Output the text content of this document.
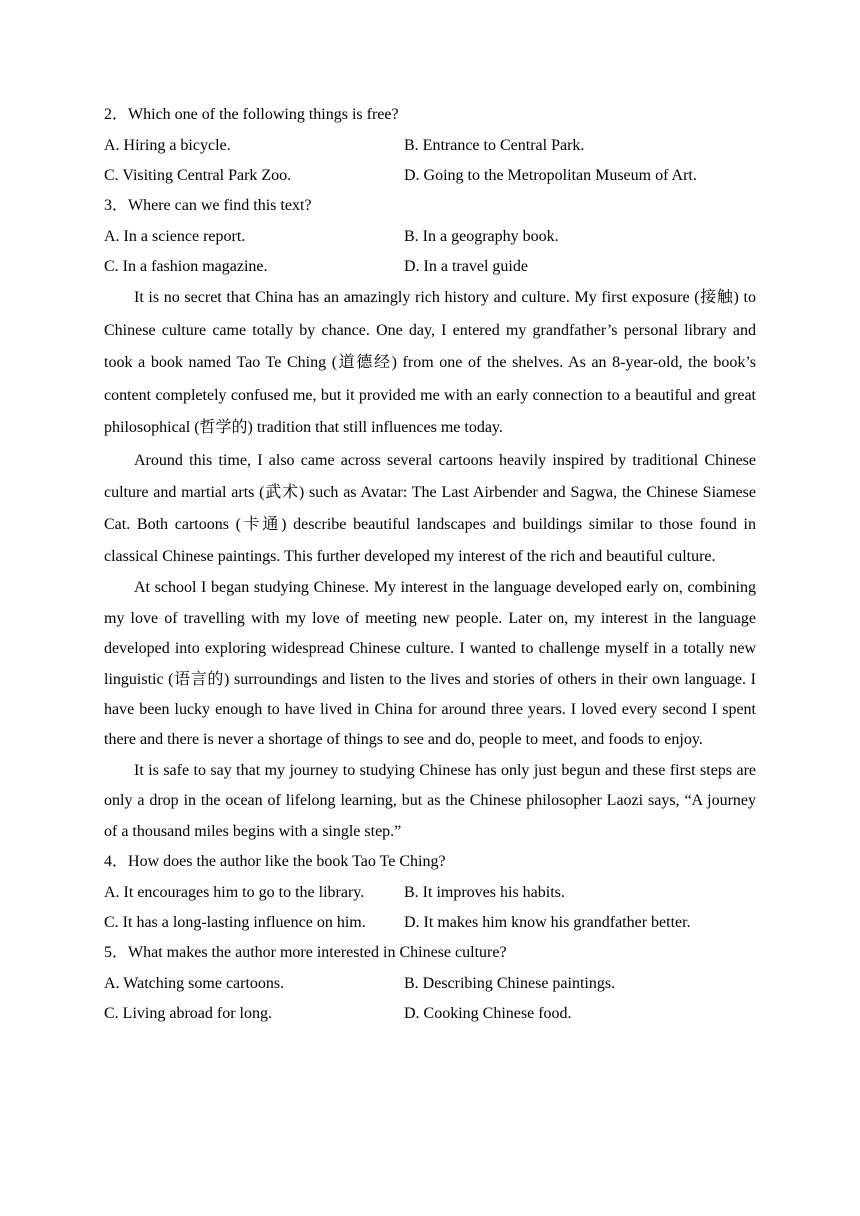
2．Which one of the following things is free?

A. Hiring a bicycle.	B. Entrance to Central Park.
C. Visiting Central Park Zoo.	D. Going to the Metropolitan Museum of Art.

3．Where can we find this text?

A. In a science report.	B. In a geography book.
C. In a fashion magazine.	D. In a travel guide

It is no secret that China has an amazingly rich history and culture. My first exposure (接触) to Chinese culture came totally by chance. One day, I entered my grandfather’s personal library and took a book named Tao Te Ching (道德经) from one of the shelves. As an 8-year-old, the book’s content completely confused me, but it provided me with an early connection to a beautiful and great philosophical (哲学的) tradition that still influences me today.

Around this time, I also came across several cartoons heavily inspired by traditional Chinese culture and martial arts (武术) such as Avatar: The Last Airbender and Sagwa, the Chinese Siamese Cat. Both cartoons (卡通) describe beautiful landscapes and buildings similar to those found in classical Chinese paintings. This further developed my interest of the rich and beautiful culture.

At school I began studying Chinese. My interest in the language developed early on, combining my love of travelling with my love of meeting new people. Later on, my interest in the language developed into exploring widespread Chinese culture. I wanted to challenge myself in a totally new linguistic (语言的) surroundings and listen to the lives and stories of others in their own language. I have been lucky enough to have lived in China for around three years. I loved every second I spent there and there is never a shortage of things to see and do, people to meet, and foods to enjoy.

It is safe to say that my journey to studying Chinese has only just begun and these first steps are only a drop in the ocean of lifelong learning, but as the Chinese philosopher Laozi says, “A journey of a thousand miles begins with a single step.”

4．How does the author like the book Tao Te Ching?

A. It encourages him to go to the library.	B. It improves his habits.
C. It has a long-lasting influence on him.	D. It makes him know his grandfather better.

5．What makes the author more interested in Chinese culture?

A. Watching some cartoons.	B. Describing Chinese paintings.
C. Living abroad for long.	D. Cooking Chinese food.
